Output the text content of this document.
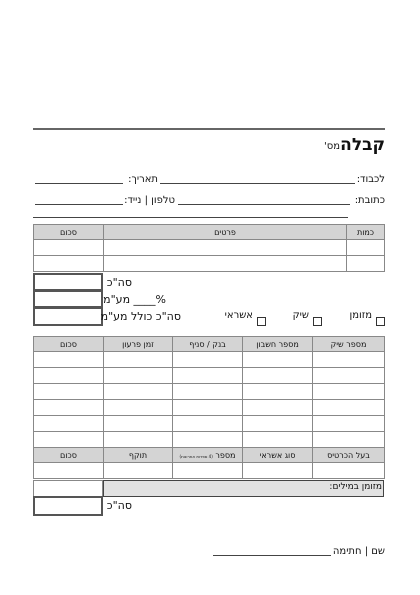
קבלה
מס'
לכבוד:
תאריך:
כתובת:
טלפון | נייד:
כמות	פרטים	סכום

סה"כ
%____ מע"מ
סה"כ כולל מע"מ	מזומן
שיק
אשראי
מספר שיק	מספר חשבון	בנק / סניף	זמן פרעון	סכום

בעל הכרטיס	סוג אשראי	מספר (4 ספרות אחרונות)	תוקף	סכום

מזומן במילים:
סה"כ
שם | חתימה
